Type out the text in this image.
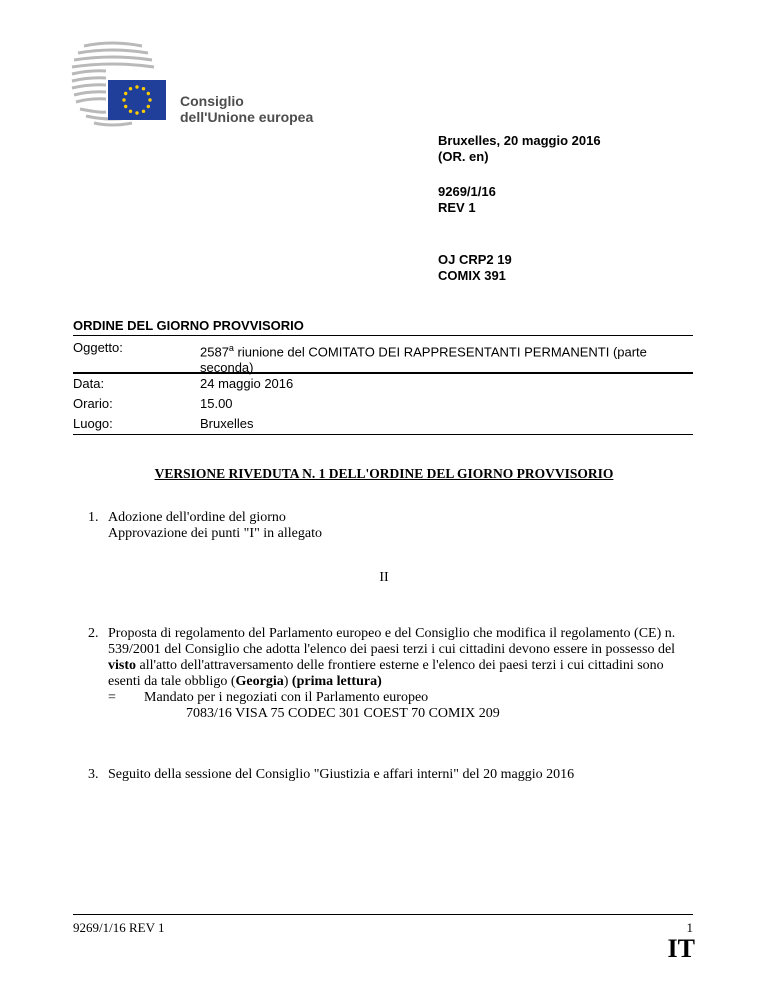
Consiglio
dell'Unione europea
Bruxelles, 20 maggio 2016
(OR. en)
9269/1/16
REV 1
OJ CRP2 19
COMIX 391
ORDINE DEL GIORNO PROVVISORIO
Oggetto:	2587$^a$ riunione del COMITATO DEI RAPPRESENTANTI PERMANENTI (parte seconda)
Data:	24 maggio 2016
Orario:	15.00
Luogo:	Bruxelles
VERSIONE RIVEDUTA N. 1 DELL'ORDINE DEL GIORNO PROVVISORIO
1. Adozione dell'ordine del giorno
Approvazione dei punti "I" in allegato
II
2. Proposta di regolamento del Parlamento europeo e del Consiglio che modifica il regolamento (CE) n. 539/2001 del Consiglio che adotta l'elenco dei paesi terzi i cui cittadini devono essere in possesso del visto all'atto dell'attraversamento delle frontiere esterne e l'elenco dei paesi terzi i cui cittadini sono esenti da tale obbligo (Georgia) (prima lettura)
= Mandato per i negoziati con il Parlamento europeo
7083/16 VISA 75 CODEC 301 COEST 70 COMIX 209
3. Seguito della sessione del Consiglio "Giustizia e affari interni" del 20 maggio 2016
9269/1/16 REV 1	1
IT
